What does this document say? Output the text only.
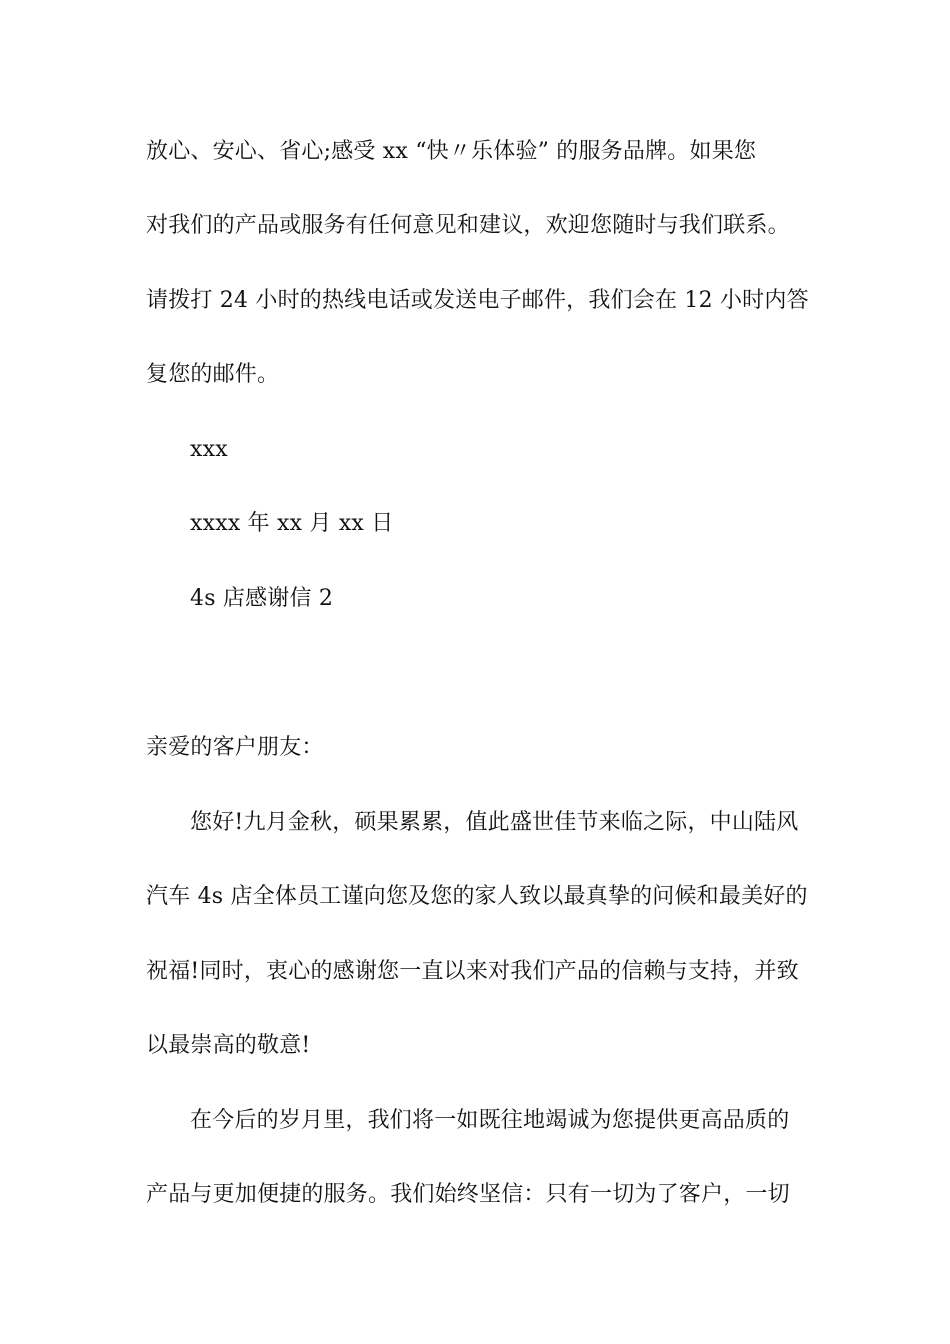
放心、安心、省心;感受 xx “快〃乐体验” 的服务品牌。如果您
对我们的产品或服务有任何意见和建议，欢迎您随时与我们联系。
请拨打 24 小时的热线电话或发送电子邮件，我们会在 12 小时内答
复您的邮件。
xxx
xxxx 年 xx 月 xx 日
4s 店感谢信 2
亲爱的客户朋友：
您好!九月金秋，硕果累累，值此盛世佳节来临之际，中山陆风
汽车 4s 店全体员工谨向您及您的家人致以最真挚的问候和最美好的
祝福!同时，衷心的感谢您一直以来对我们产品的信赖与支持，并致
以最崇高的敬意!
在今后的岁月里，我们将一如既往地竭诚为您提供更高品质的
产品与更加便捷的服务。我们始终坚信：只有一切为了客户，一切
